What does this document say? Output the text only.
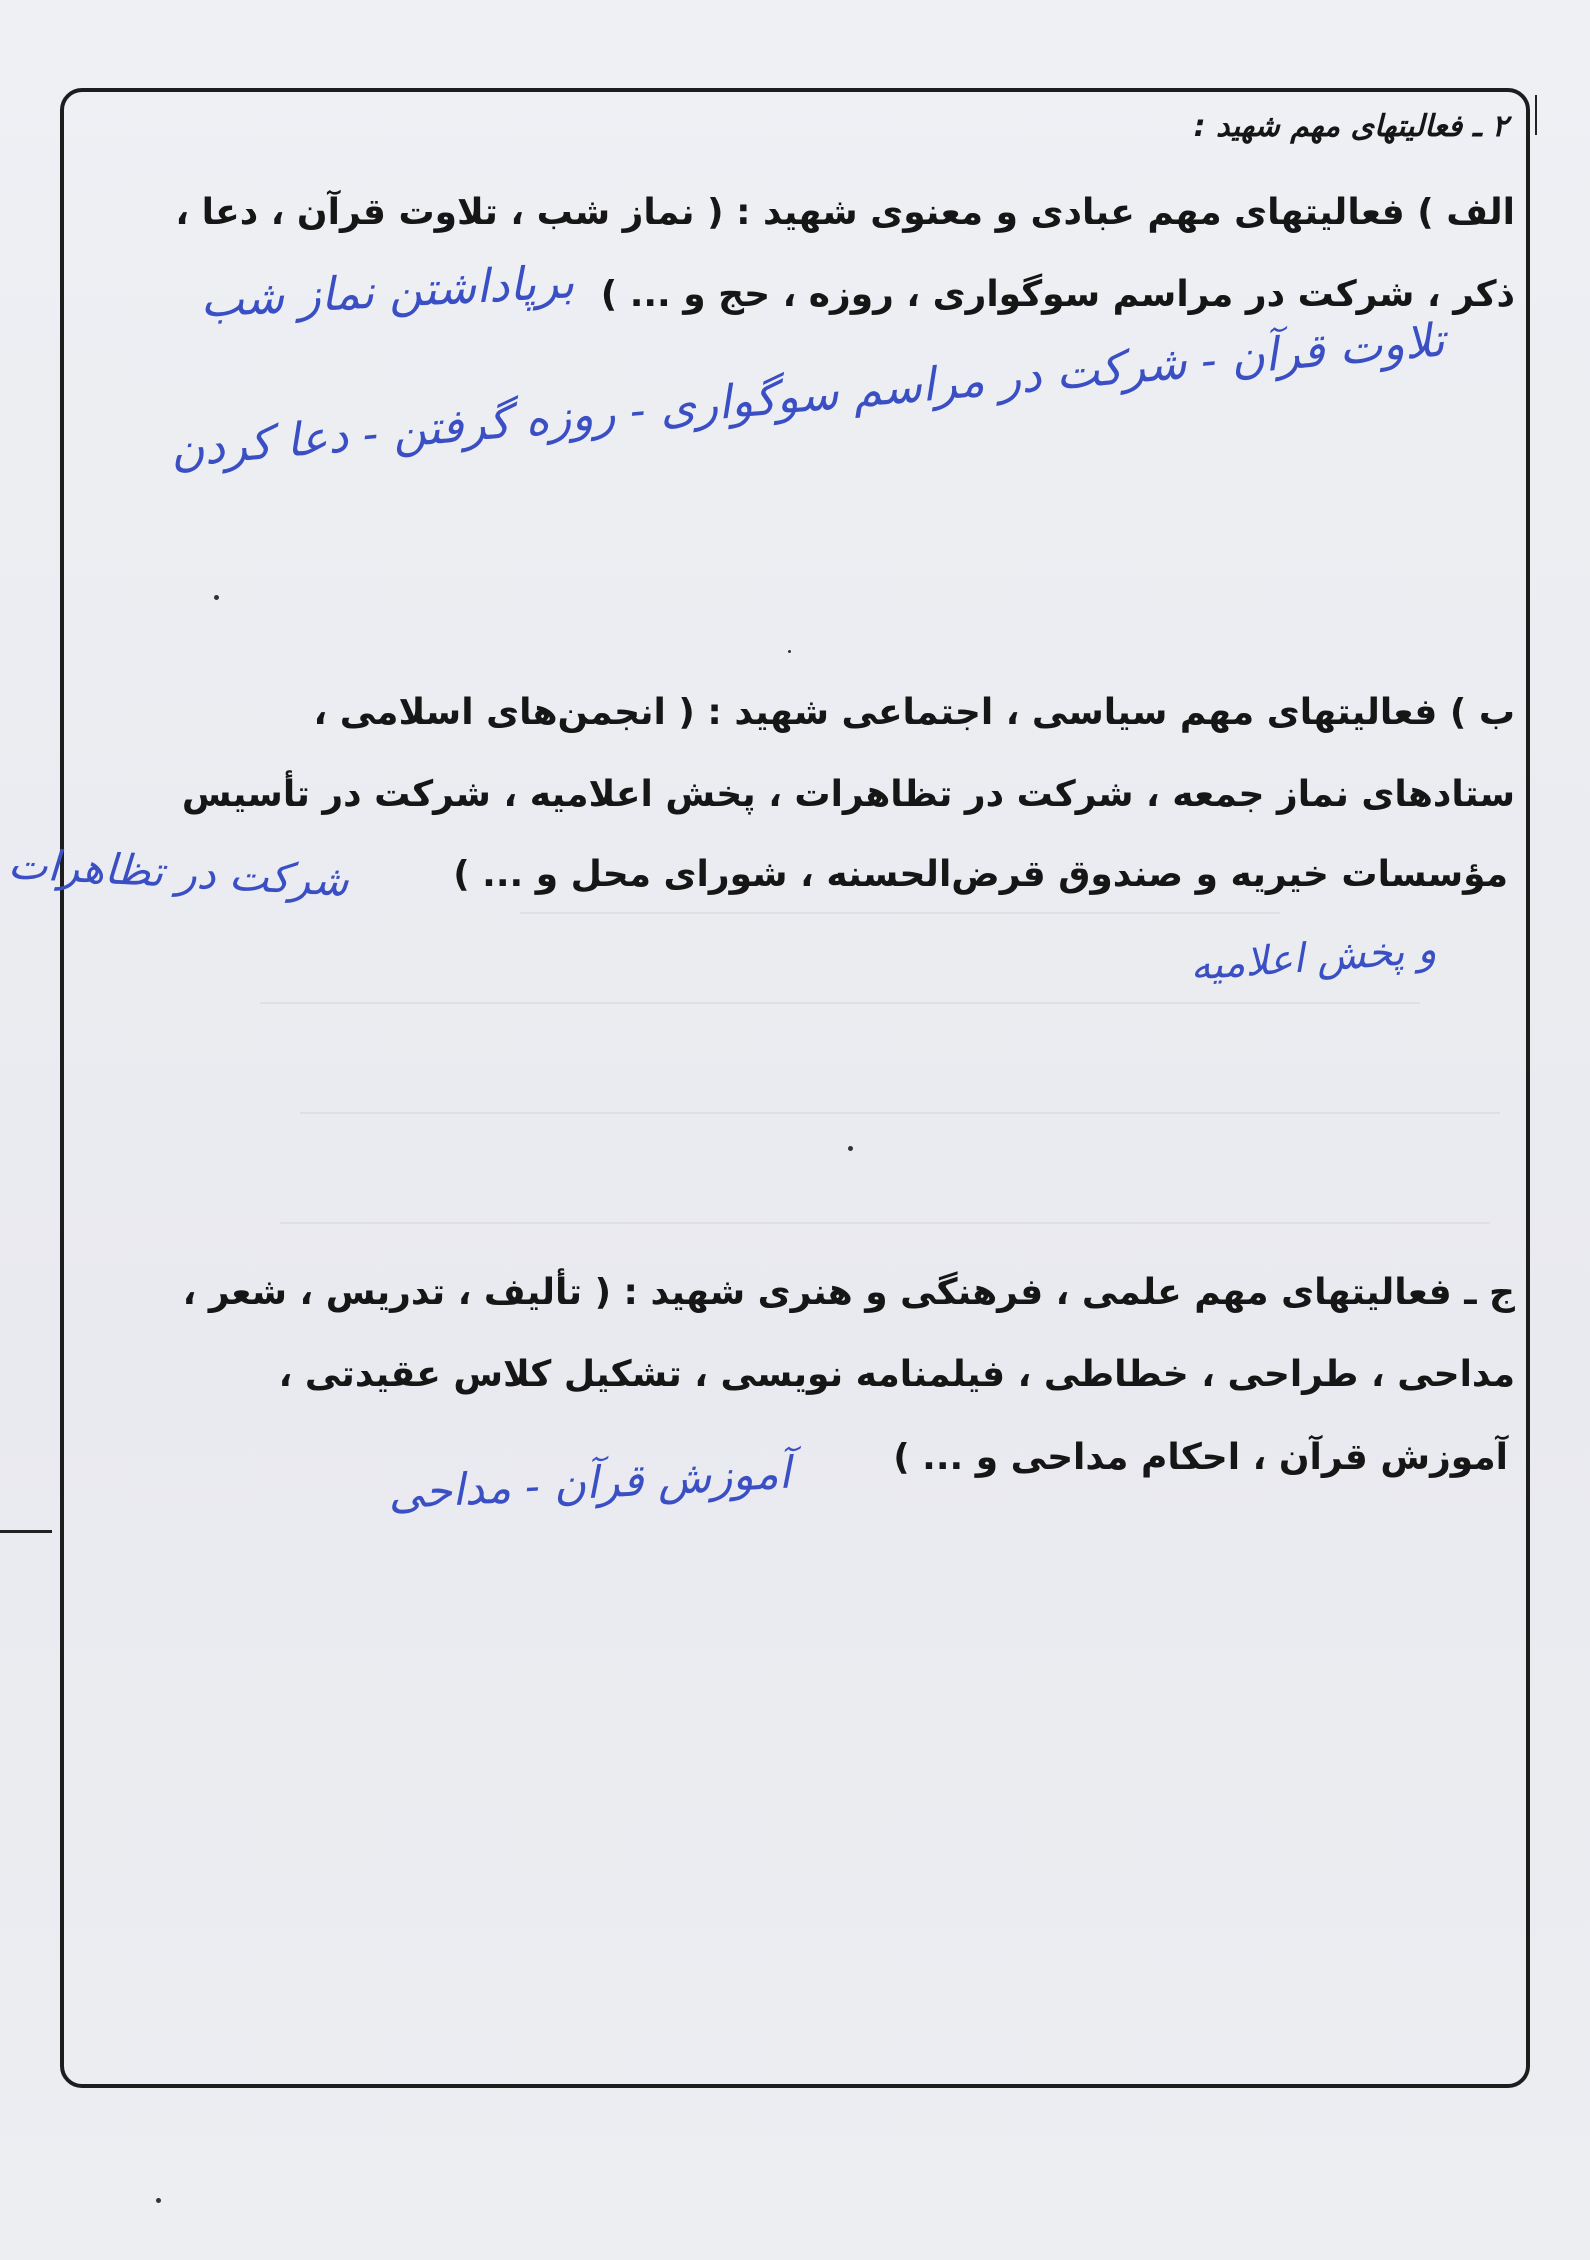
۲ ـ فعالیتهای مهم شهید :
الف ) فعالیتهای مهم عبادی و معنوی شهید : ( نماز شب ، تلاوت قرآن ، دعا ،
ذکر ، شرکت در مراسم سوگواری ، روزه ، حج و ... )
برپاداشتن نماز شب
تلاوت قرآن - شرکت در مراسم سوگواری - روزه گرفتن - دعا کردن
ب ) فعالیتهای مهم سیاسی ، اجتماعی شهید : ( انجمن‌های اسلامی ،
ستادهای نماز جمعه ، شرکت در تظاهرات ، پخش اعلامیه ، شرکت در تأسیس
مؤسسات خیریه و صندوق قرض‌الحسنه ، شورای محل و ... )
شرکت در تظاهرات
و پخش اعلامیه
ج ـ فعالیتهای مهم علمی ، فرهنگی و هنری شهید : ( تألیف ، تدریس ، شعر ،
مداحی ، طراحی ، خطاطی ، فیلمنامه نویسی ، تشکیل کلاس عقیدتی ،
آموزش قرآن ، احکام مداحی و ... )
آموزش قرآن - مداحی
